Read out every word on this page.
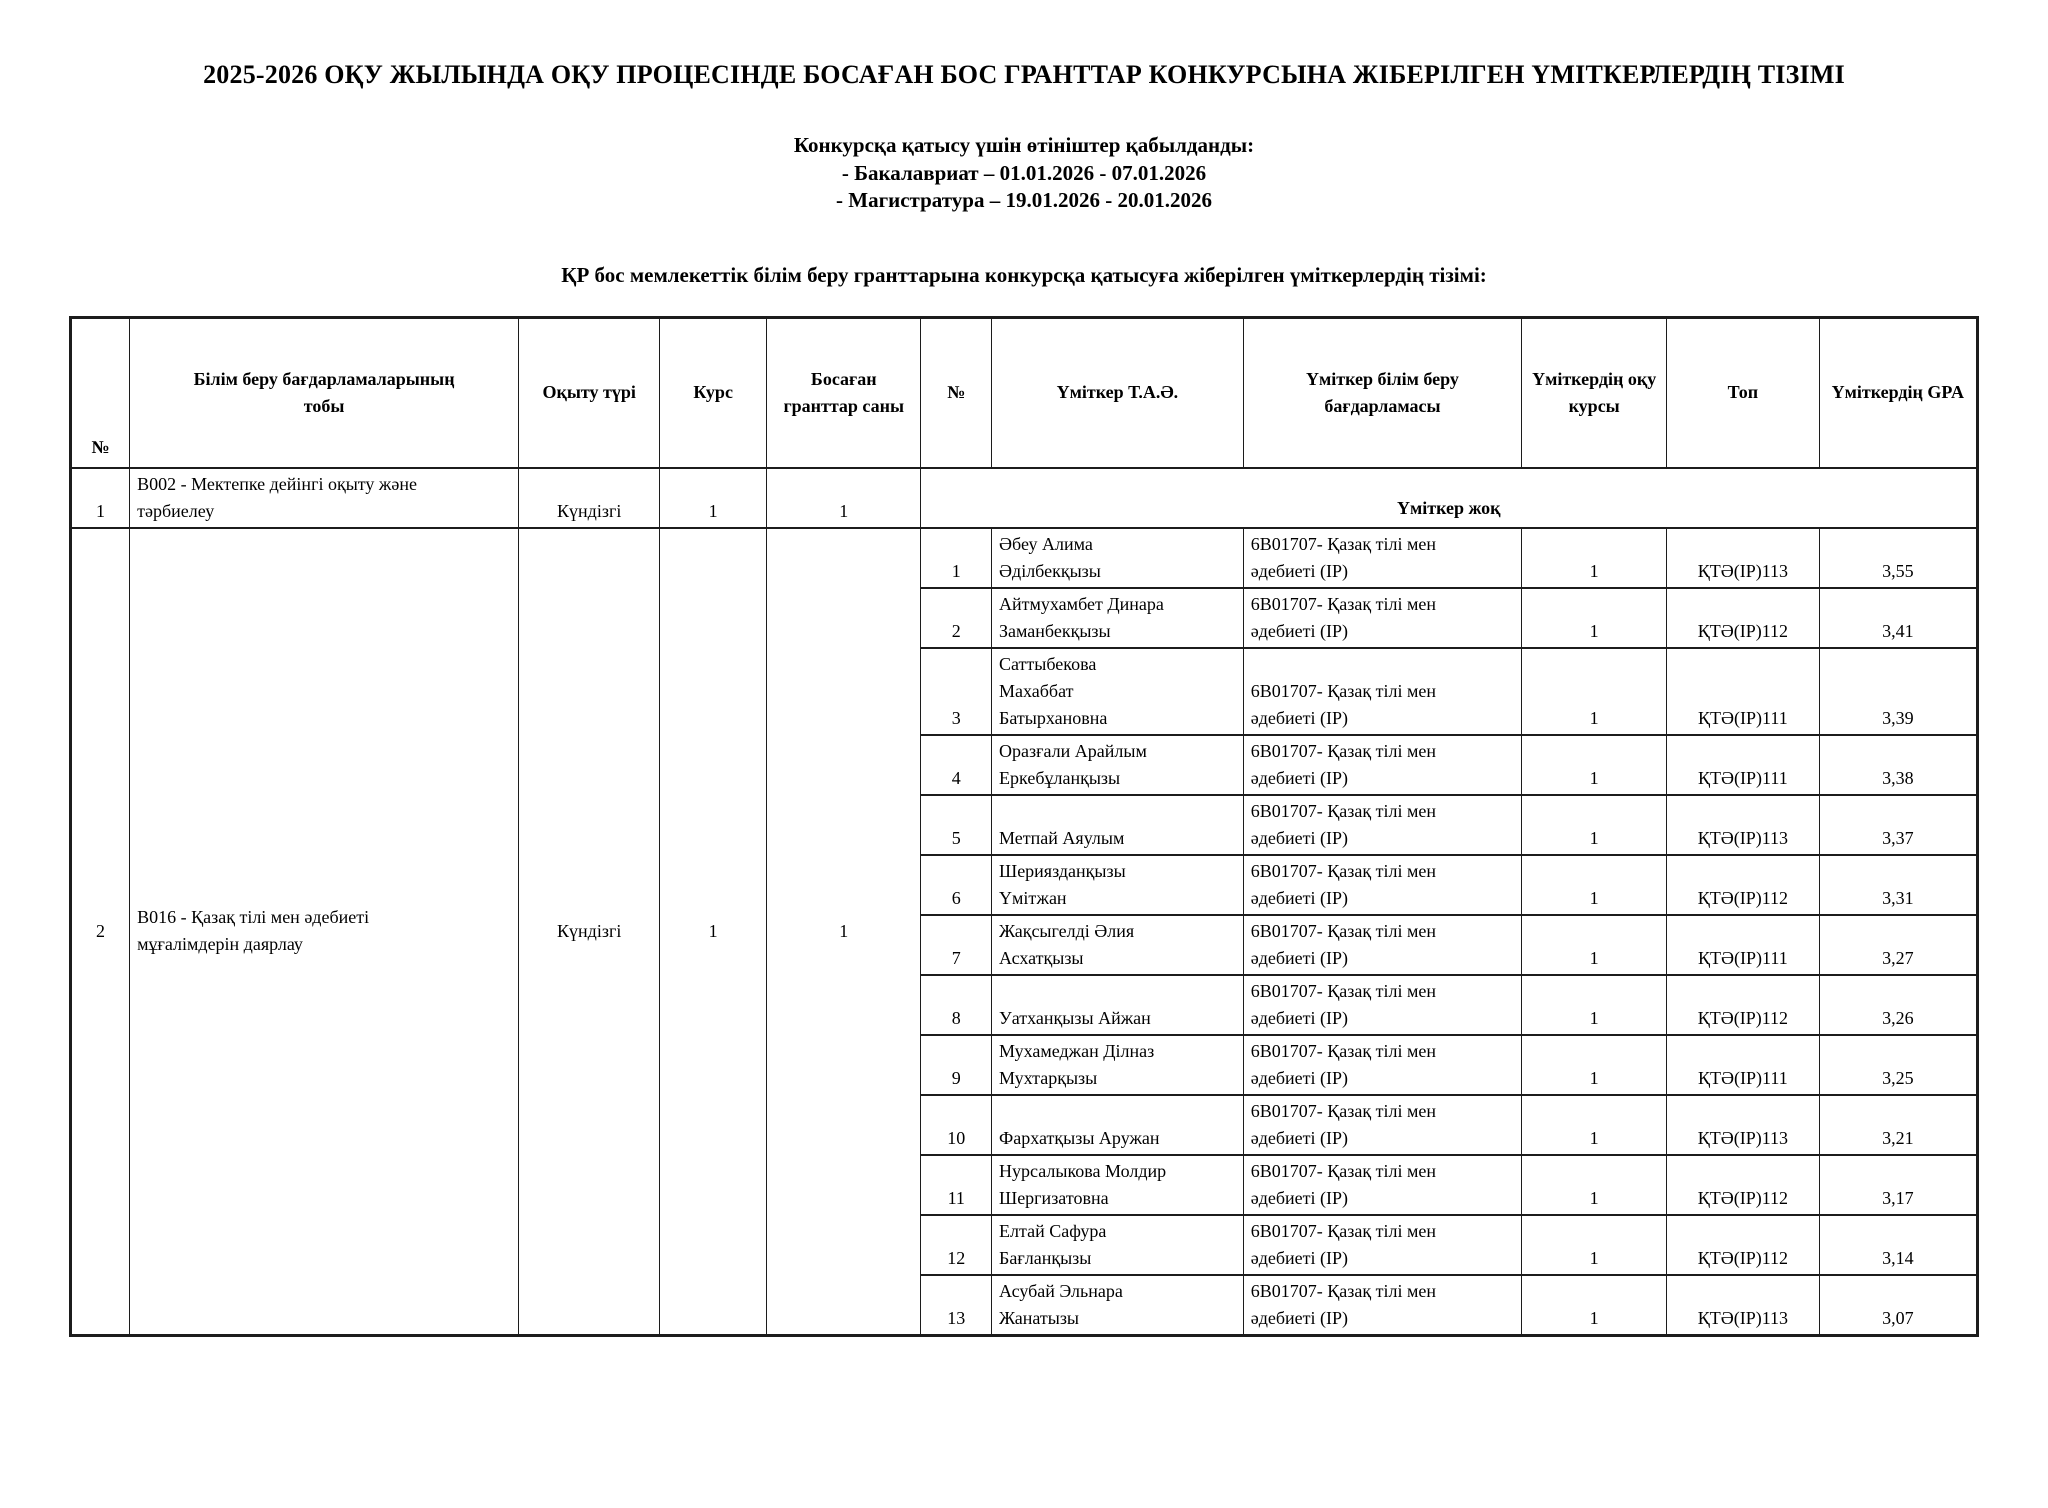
2025-2026 ОҚУ ЖЫЛЫНДА ОҚУ ПРОЦЕСІНДЕ БОСАҒАН БОС ГРАНТТАР КОНКУРСЫНА ЖІБЕРІЛГЕН ҮМІТКЕРЛЕРДІҢ ТІЗІМІ

Конкурсқа қатысу үшін өтініштер қабылданды:

- Бакалавриат – 01.01.2026 - 07.01.2026

- Магистратура – 19.01.2026 - 20.01.2026

ҚР бос мемлекеттік білім беру гранттарына конкурсқа қатысуға жіберілген үміткерлердің тізімі:

№	Білім беру бағдарламаларының тобы	Оқыту түрі	Курс	Босаған гранттар саны	№	Үміткер Т.А.Ә.	Үміткер білім беру бағдарламасы	Үміткердің оқу курсы	Топ	Үміткердің GPA
1	В002 - Мектепке дейінгі оқыту және тәрбиелеу	Күндізгі	1	1	Үміткер жоқ					
2	В016 - Қазақ тілі мен әдебиеті мұғалімдерін даярлау	Күндізгі	1	1	1	Әбеу Алима Әділбекқызы	6В01707- Қазақ тілі мен әдебиеті (ІР)	1	ҚТӘ(ІР)113	3,55
					2	Айтмухамбет Динара Заманбекқызы	6В01707- Қазақ тілі мен әдебиеті (ІР)	1	ҚТӘ(ІР)112	3,41
					3	Саттыбекова Махаббат Батырхановна	6В01707- Қазақ тілі мен әдебиеті (ІР)	1	ҚТӘ(ІР)111	3,39
					4	Оразғали Арайлым Еркебұланқызы	6В01707- Қазақ тілі мен әдебиеті (ІР)	1	ҚТӘ(ІР)111	3,38
					5	Метпай Аяулым	6В01707- Қазақ тілі мен әдебиеті (ІР)	1	ҚТӘ(ІР)113	3,37
					6	Шериязданқызы Үмітжан	6В01707- Қазақ тілі мен әдебиеті (ІР)	1	ҚТӘ(ІР)112	3,31
					7	Жақсыгелді Әлия Асхатқызы	6В01707- Қазақ тілі мен әдебиеті (ІР)	1	ҚТӘ(ІР)111	3,27
					8	Уатханқызы Айжан	6В01707- Қазақ тілі мен әдебиеті (ІР)	1	ҚТӘ(ІР)112	3,26
					9	Мухамеджан Ділназ Мухтарқызы	6В01707- Қазақ тілі мен әдебиеті (ІР)	1	ҚТӘ(ІР)111	3,25
					10	Фархатқызы Аружан	6В01707- Қазақ тілі мен әдебиеті (ІР)	1	ҚТӘ(ІР)113	3,21
					11	Нурсалыкова Молдир Шергизатовна	6В01707- Қазақ тілі мен әдебиеті (ІР)	1	ҚТӘ(ІР)112	3,17
					12	Елтай Сафура Бағланқызы	6В01707- Қазақ тілі мен әдебиеті (ІР)	1	ҚТӘ(ІР)112	3,14
					13	Асубай Эльнара Жанатызы	6В01707- Қазақ тілі мен әдебиеті (ІР)	1	ҚТӘ(ІР)113	3,07
